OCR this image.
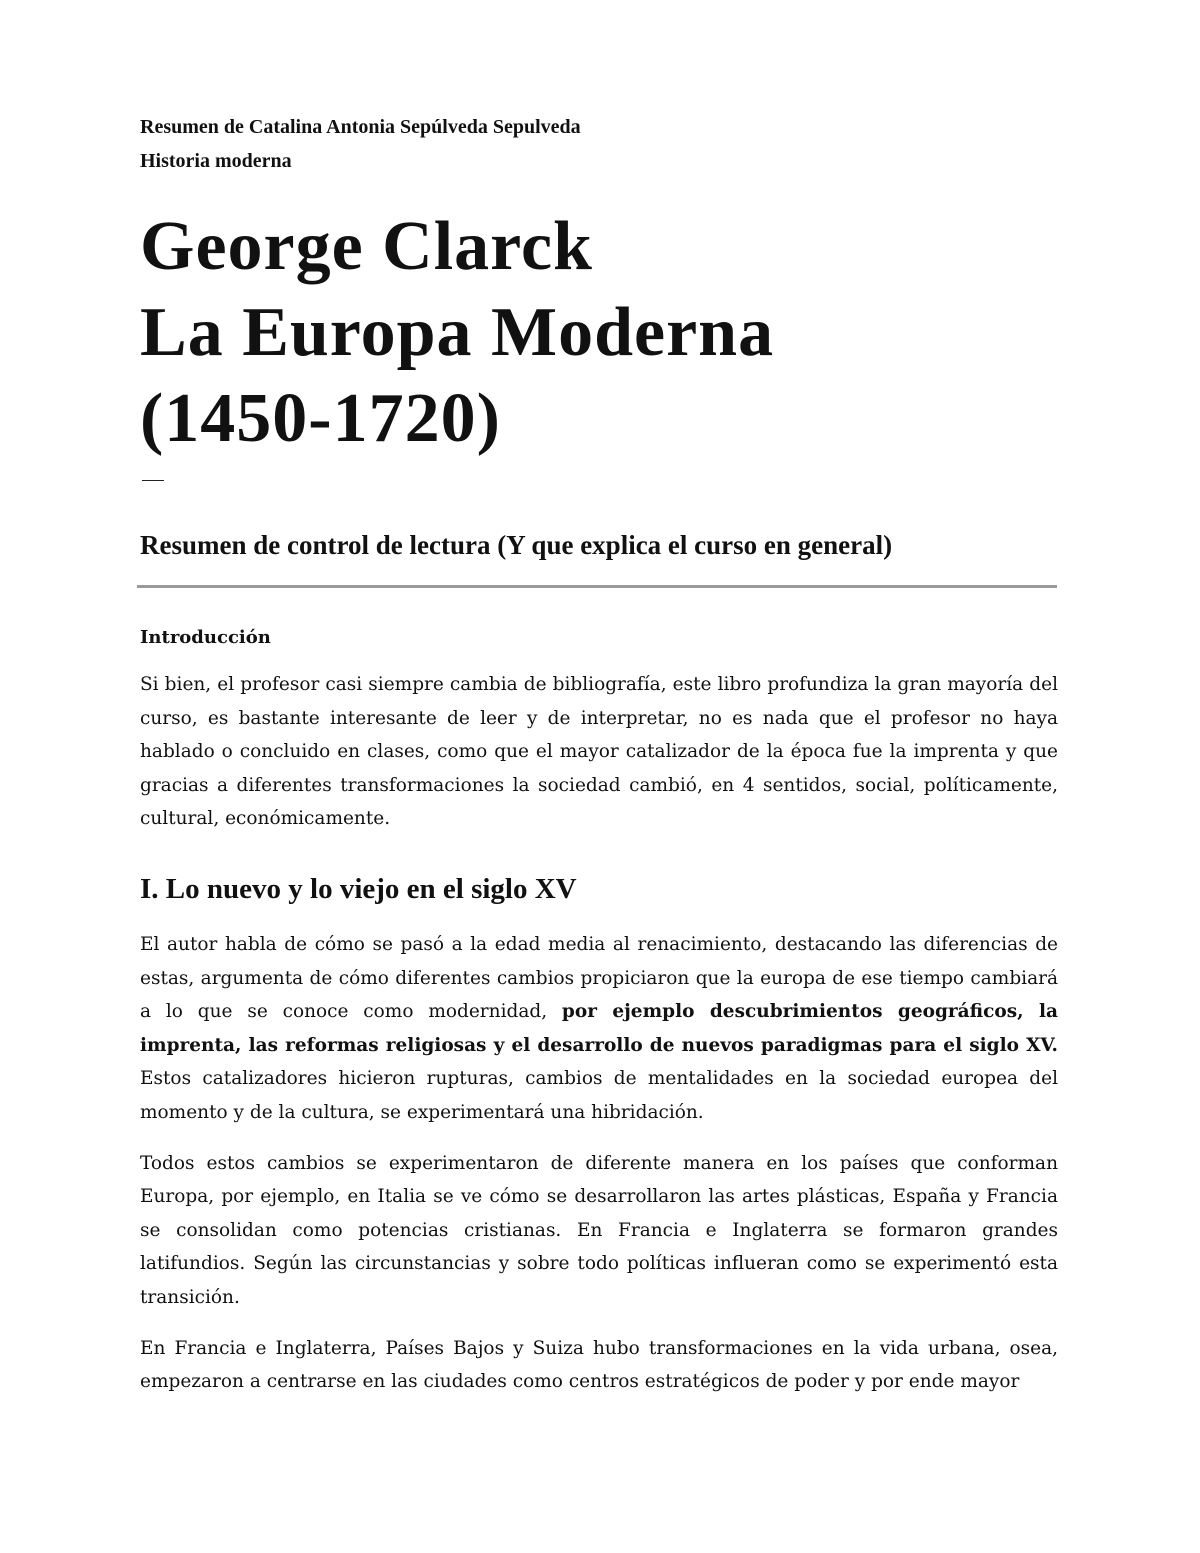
Resumen de Catalina Antonia Sepúlveda Sepulveda

Historia moderna

George Clarck
La Europa Moderna
(1450-1720)
Resumen de control de lectura (Y que explica el curso en general)
Introducción

Si bien, el profesor casi siempre cambia de bibliografía, este libro profundiza la gran mayoría del curso, es bastante interesante de leer y de interpretar, no es nada que el profesor no haya hablado o concluido en clases, como que el mayor catalizador de la época fue la imprenta y que gracias a diferentes transformaciones la sociedad cambió, en 4 sentidos, social, políticamente, cultural, económicamente.

I. Lo nuevo y lo viejo en el siglo XV

El autor habla de cómo se pasó a la edad media al renacimiento, destacando las diferencias de estas, argumenta de cómo diferentes cambios propiciaron que la europa de ese tiempo cambiará a lo que se conoce como modernidad, por ejemplo descubrimientos geográficos, la imprenta, las reformas religiosas y el desarrollo de nuevos paradigmas para el siglo XV. Estos catalizadores hicieron rupturas, cambios de mentalidades en la sociedad europea del momento y de la cultura, se experimentará una hibridación.

Todos estos cambios se experimentaron de diferente manera en los países que conforman Europa, por ejemplo, en Italia se ve cómo se desarrollaron las artes plásticas, España y Francia se consolidan como potencias cristianas. En Francia e Inglaterra se formaron grandes latifundios. Según las circunstancias y sobre todo políticas influeran como se experimentó esta transición.

En Francia e Inglaterra, Países Bajos y Suiza hubo transformaciones en la vida urbana, osea, empezaron a centrarse en las ciudades como centros estratégicos de poder y por ende mayor
